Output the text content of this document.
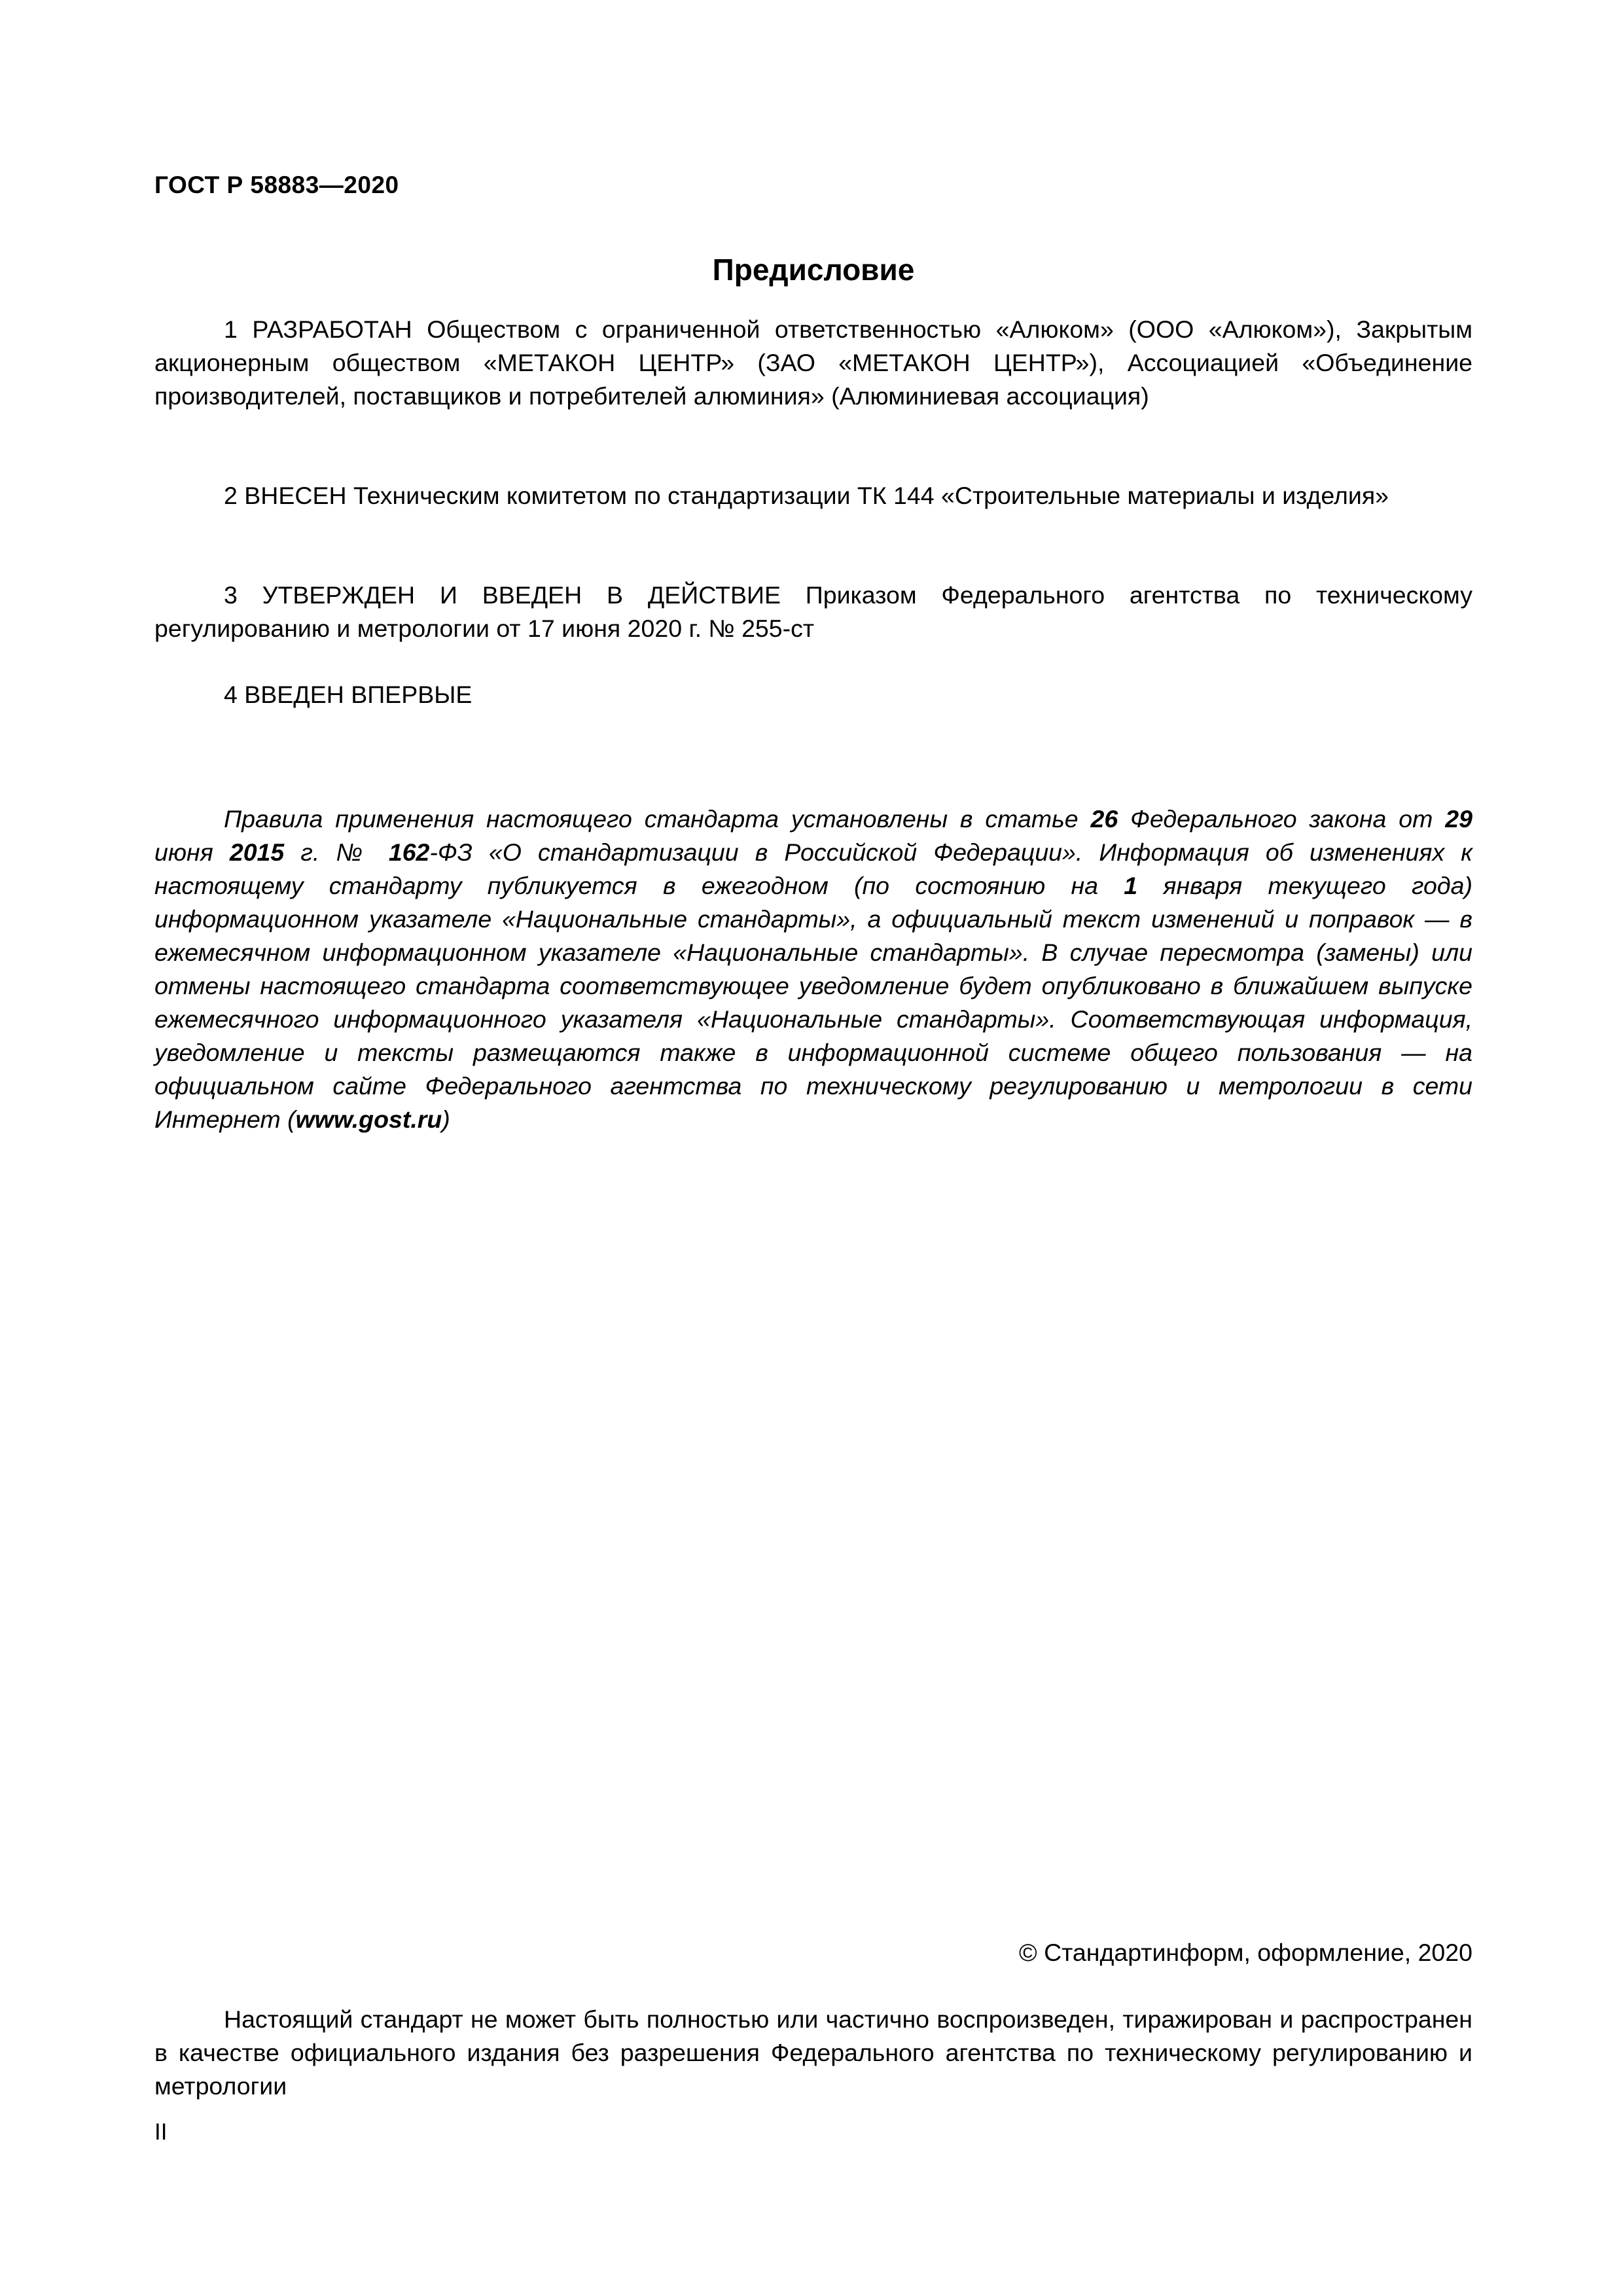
ГОСТ Р 58883—2020
Предисловие

1 РАЗРАБОТАН Обществом с ограниченной ответственностью «Алюком» (ООО «Алюком»), Закрытым акционерным обществом «МЕТАКОН ЦЕНТР» (ЗАО «МЕТАКОН ЦЕНТР»), Ассоциацией «Объединение производителей, поставщиков и потребителей алюминия» (Алюминиевая ассоциация)

2 ВНЕСЕН Техническим комитетом по стандартизации ТК 144 «Строительные материалы и изделия»

3 УТВЕРЖДЕН И ВВЕДЕН В ДЕЙСТВИЕ Приказом Федерального агентства по техническому регулированию и метрологии от 17 июня 2020 г. № 255-ст

4 ВВЕДЕН ВПЕРВЫЕ

Правила применения настоящего стандарта установлены в статье 26 Федерального закона от 29 июня 2015 г. № 162-ФЗ «О стандартизации в Российской Федерации». Информация об изменениях к настоящему стандарту публикуется в ежегодном (по состоянию на 1 января текущего года) информационном указателе «Национальные стандарты», а официальный текст изменений и поправок — в ежемесячном информационном указателе «Национальные стандарты». В случае пересмотра (замены) или отмены настоящего стандарта соответствующее уведомление будет опубликовано в ближайшем выпуске ежемесячного информационного указателя «Национальные стандарты». Соответствующая информация, уведомление и тексты размещаются также в информационной системе общего пользования — на официальном сайте Федерального агентства по техническому регулированию и метрологии в сети Интернет (www.gost.ru)

© Стандартинформ, оформление, 2020

Настоящий стандарт не может быть полностью или частично воспроизведен, тиражирован и распространен в качестве официального издания без разрешения Федерального агентства по техническому регулированию и метрологии

II
